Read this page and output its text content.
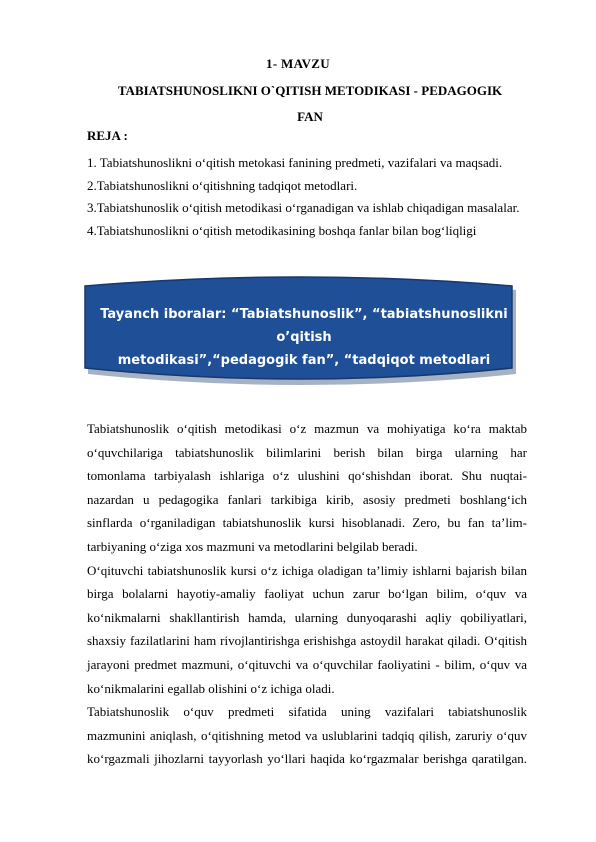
1- MAVZU
TABIATSHUNOSLIKNI O`QITISH METODIKASI - PEDAGOGIK
FAN
REJA :
1. Tabiatshunoslikni o‘qitish metokasi fanining predmeti, vazifalari va maqsadi.
2.Tabiatshunoslikni o‘qitishning tadqiqot metodlari.
3.Tabiatshunoslik o‘qitish metodikasi o‘rganadigan va ishlab chiqadigan masalalar.
4.Tabiatshunoslikni o‘qitish metodikasining boshqa fanlar bilan bog‘liqligi
Tayanch iboralar: “Tabiatshunoslik”, “tabiatshunoslikni o’qitish
metodikasi”,“pedagogik fan”, “tadqiqot metodlari
Tabiatshunoslik o‘qitish metodikasi o‘z mazmun va mohiyatiga ko‘ra maktab
o‘quvchilariga tabiatshunoslik bilimlarini berish bilan birga ularning har
tomonlama tarbiyalash ishlariga o‘z ulushini qo‘shishdan iborat. Shu nuqtai-
nazardan u pedagogika fanlari tarkibiga kirib, asosiy predmeti boshlang‘ich
sinflarda o‘rganiladigan tabiatshunoslik kursi hisoblanadi. Zero, bu fan ta’lim-
tarbiyaning o‘ziga xos mazmuni va metodlarini belgilab beradi.
O‘qituvchi tabiatshunoslik kursi o‘z ichiga oladigan ta’limiy ishlarni bajarish bilan
birga bolalarni hayotiy-amaliy faoliyat uchun zarur bo‘lgan bilim, o‘quv va
ko‘nikmalarni shakllantirish hamda, ularning dunyoqarashi aqliy qobiliyatlari,
shaxsiy fazilatlarini ham rivojlantirishga erishishga astoydil harakat qiladi. O‘qitish
jarayoni predmet mazmuni, o‘qituvchi va o‘quvchilar faoliyatini - bilim, o‘quv va
ko‘nikmalarini egallab olishini o‘z ichiga oladi.
Tabiatshunoslik o‘quv predmeti sifatida uning vazifalari tabiatshunoslik
mazmunini aniqlash, o‘qitishning metod va uslublarini tadqiq qilish, zaruriy o‘quv
ko‘rgazmali jihozlarni tayyorlash yo‘llari haqida ko‘rgazmalar berishga qaratilgan.
